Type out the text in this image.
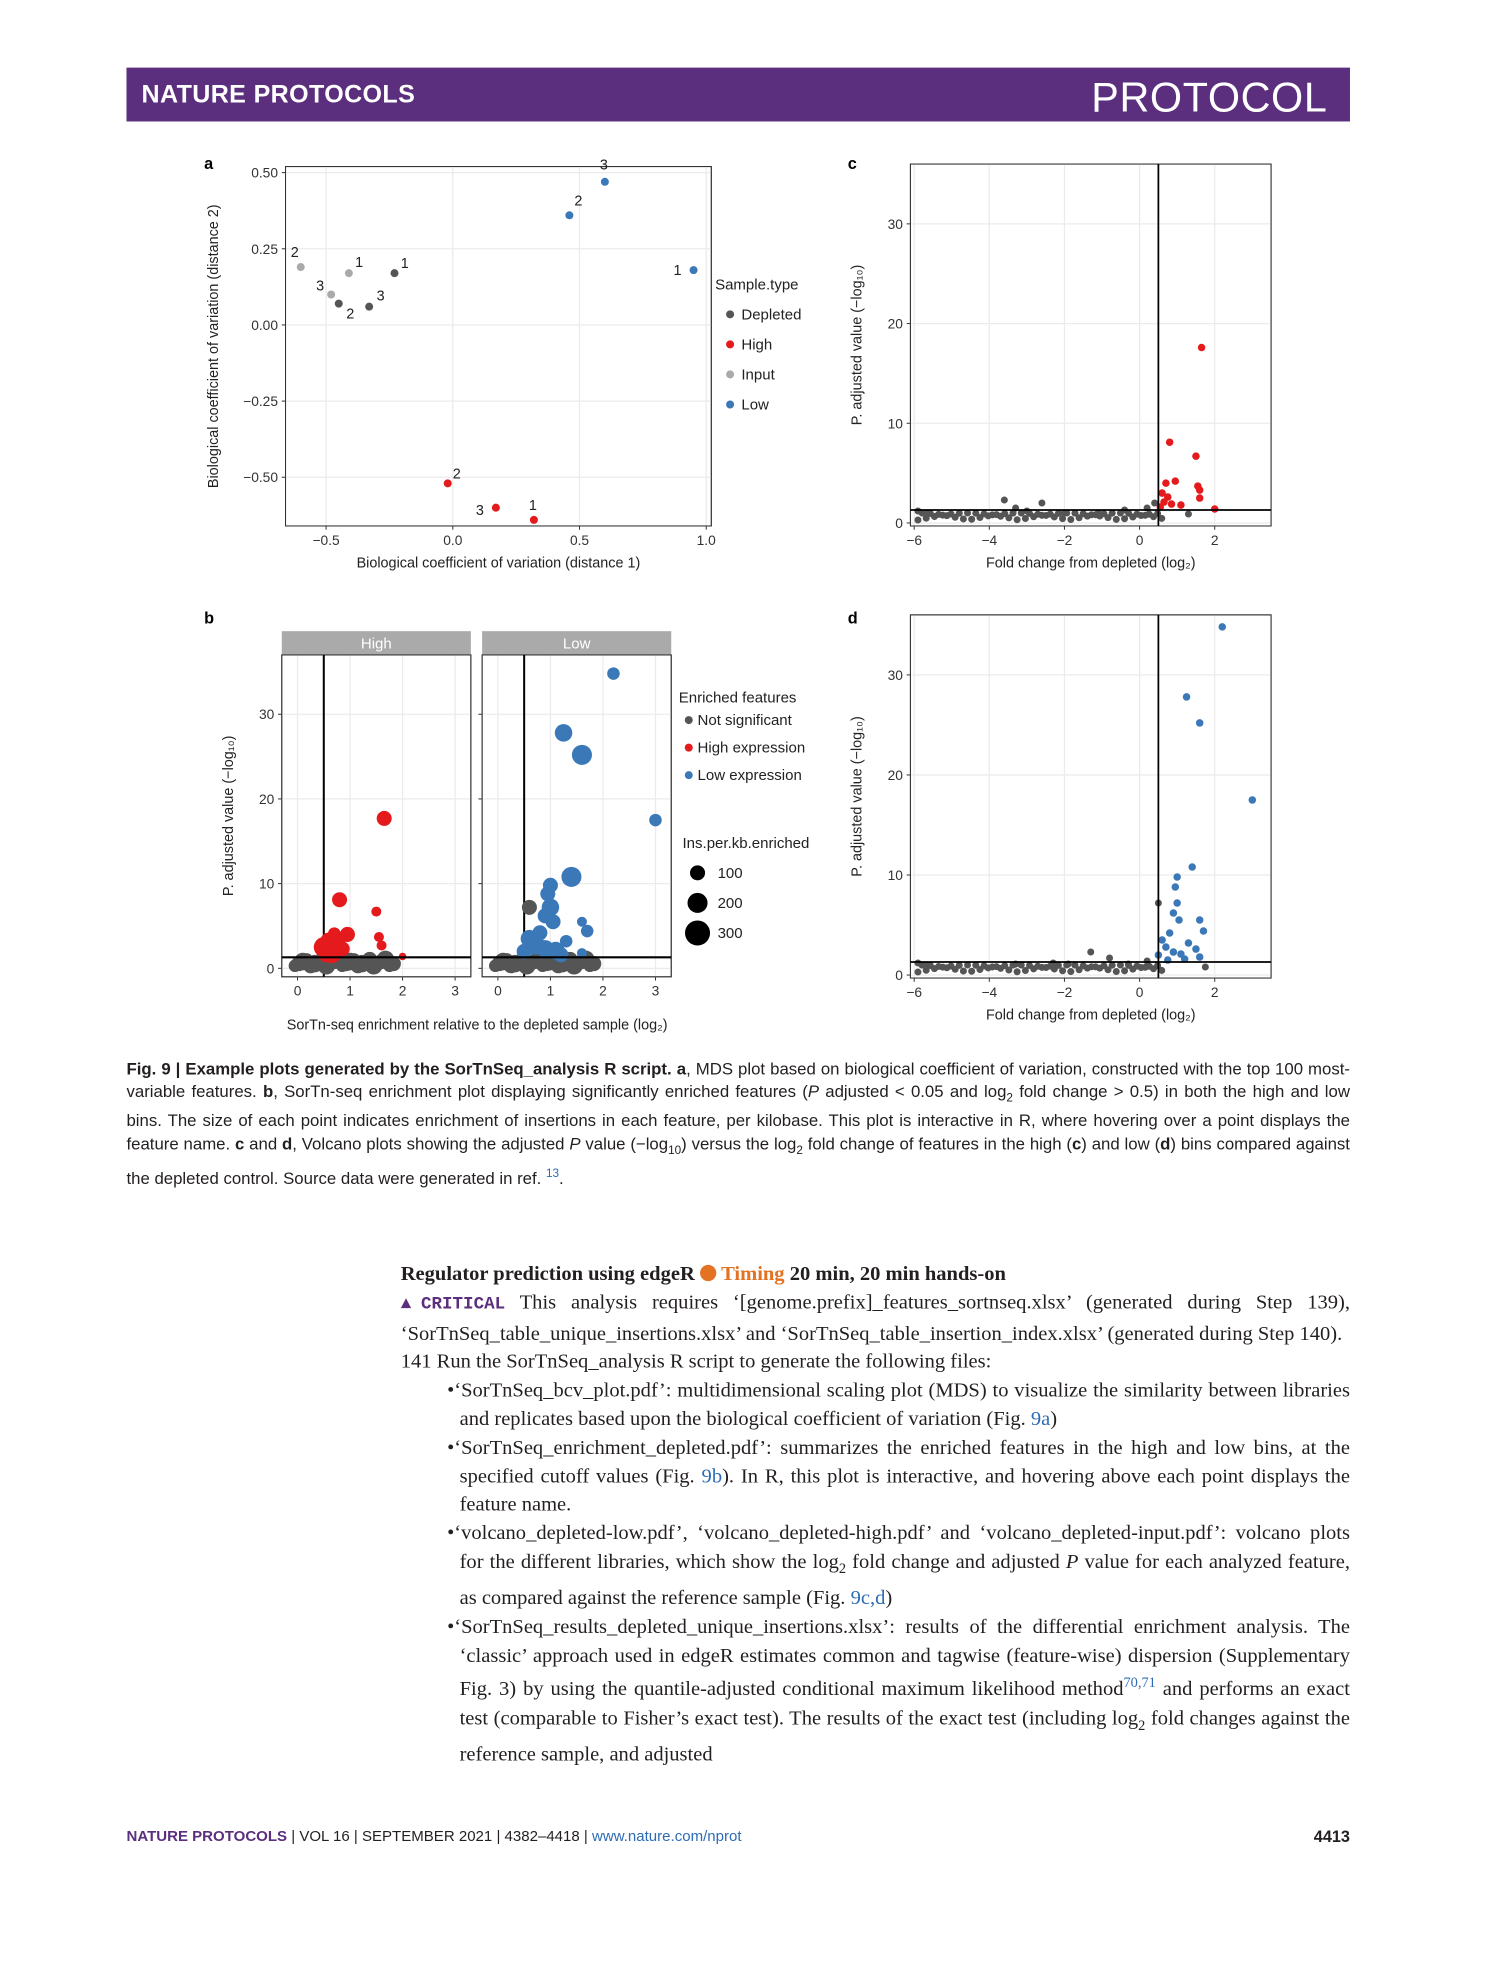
NATURE PROTOCOLS	PROTOCOL
a
b
c
d
−0.5	0.0	0.5	1.0
−0.50
−0.25
0.00
0.25
0.50
Biological coefficient of variation (distance 1)
Biological coefficient of variation (distance 2)	2
1
3
2
3
1
2
3
1
2
3	1
Sample.type
Depleted
High
Input
Low
High
0	1	2	3
0
10
20
30
P. adjusted value (−log₁₀)
Low
0	1	2	3
SorTn-seq enrichment relative to the depleted sample (log₂)
Enriched features
Not significant
High expression
Low expression
Ins.per.kb.enriched
100
200
300
−6	−4	−2	0	2
0
10
20
30
Fold change from depleted (log₂)
P. adjusted value (−log₁₀)
−6	−4	−2	0	2
0
10
20
30
Fold change from depleted (log₂)
P. adjusted value (−log₁₀)
Fig. 9 | Example plots generated by the SorTnSeq_analysis R script. a, MDS plot based on biological coefficient of variation, constructed with the top 100 most-variable features. b, SorTn-seq enrichment plot displaying significantly enriched features (P adjusted < 0.05 and $\log_2$ fold change > 0.5) in both the high and low bins. The size of each point indicates enrichment of insertions in each feature, per kilobase. This plot is interactive in R, where hovering over a point displays the feature name. c and d, Volcano plots showing the adjusted P value $(-\log_{10})$ versus the $\log_2$ fold change of features in the high (c) and low (d) bins compared against the depleted control. Source data were generated in ref. $^{13}$.

Regulator prediction using edgeR Timing 20 min, 20 min hands-on

▲CRITICAL This analysis requires ‘[genome.prefix]_features_sortnseq.xlsx’ (generated during Step 139), ‘SorTnSeq_table_unique_insertions.xlsx’ and ‘SorTnSeq_table_insertion_index.xlsx’ (generated during Step 140).

141 Run the SorTnSeq_analysis R script to generate the following files:

•‘SorTnSeq_bcv_plot.pdf’: multidimensional scaling plot (MDS) to visualize the similarity between libraries and replicates based upon the biological coefficient of variation (Fig. 9a)

•‘SorTnSeq_enrichment_depleted.pdf’: summarizes the enriched features in the high and low bins, at the specified cutoff values (Fig. 9b). In R, this plot is interactive, and hovering above each point displays the feature name.

•‘volcano_depleted-low.pdf’, ‘volcano_depleted-high.pdf’ and ‘volcano_depleted-input.pdf’: volcano plots for the different libraries, which show the $\log_2$ fold change and adjusted P value for each analyzed feature, as compared against the reference sample (Fig. 9c,d)

•‘SorTnSeq_results_depleted_unique_insertions.xlsx’: results of the differential enrichment analysis. The ‘classic’ approach used in edgeR estimates common and tagwise (feature-wise) dispersion (Supplementary Fig. 3) by using the quantile-adjusted conditional maximum likelihood method$^{70,71}$ and performs an exact test (comparable to Fisher’s exact test). The results of the exact test (including $\log_2$ fold changes against the reference sample, and adjusted

NATURE PROTOCOLS | VOL 16 | SEPTEMBER 2021 | 4382–4418 | www.nature.com/nprot	4413
